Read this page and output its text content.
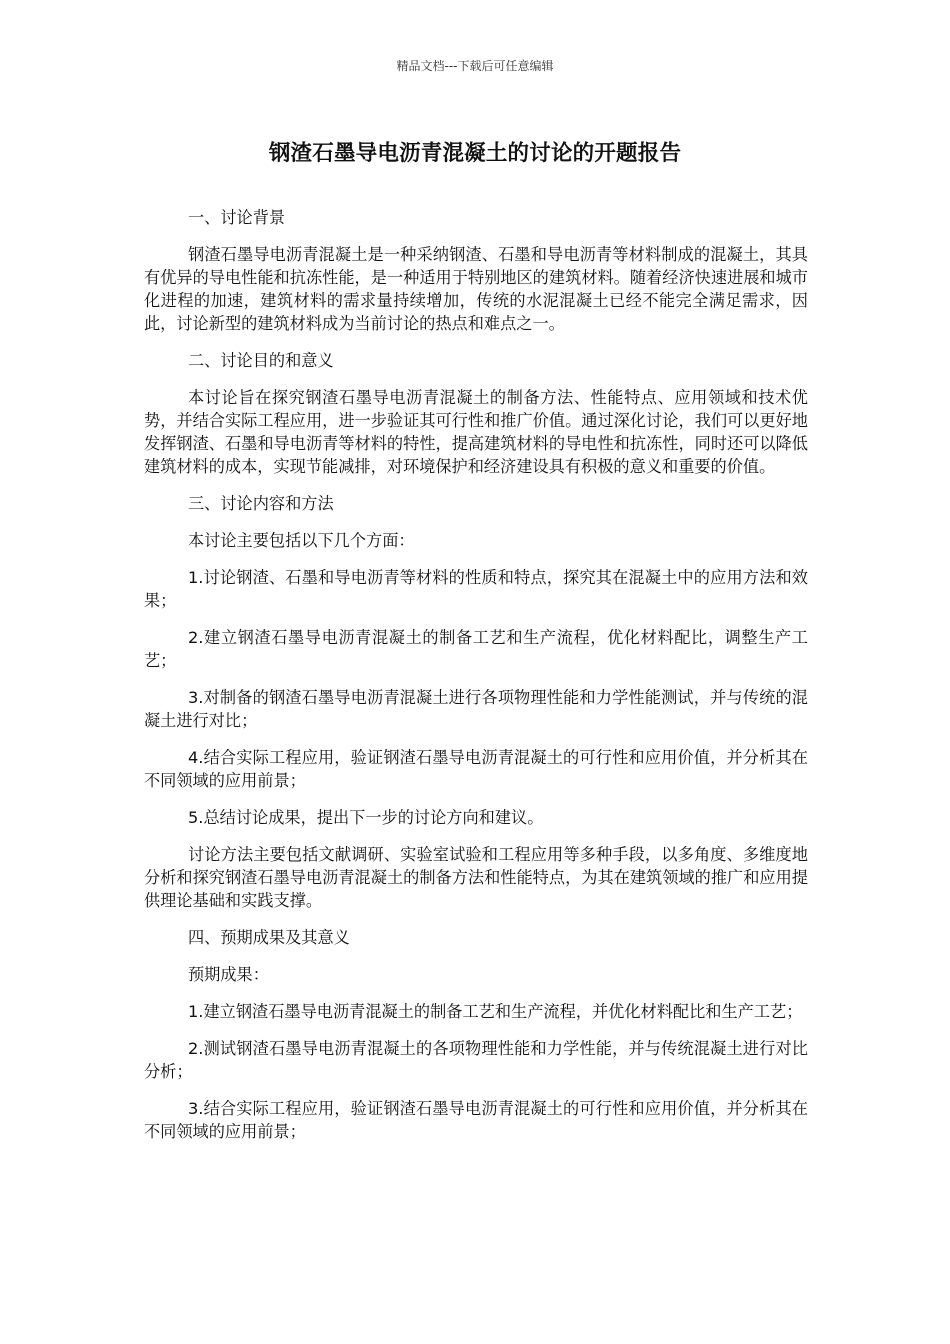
精品文档---下载后可任意编辑
钢渣石墨导电沥青混凝土的讨论的开题报告

一、讨论背景

钢渣石墨导电沥青混凝土是一种采纳钢渣、石墨和导电沥青等材料制成的混凝土，其具有优异的导电性能和抗冻性能，是一种适用于特别地区的建筑材料。随着经济快速进展和城市化进程的加速，建筑材料的需求量持续增加，传统的水泥混凝土已经不能完全满足需求，因此，讨论新型的建筑材料成为当前讨论的热点和难点之一。

二、讨论目的和意义

本讨论旨在探究钢渣石墨导电沥青混凝土的制备方法、性能特点、应用领域和技术优势，并结合实际工程应用，进一步验证其可行性和推广价值。通过深化讨论，我们可以更好地发挥钢渣、石墨和导电沥青等材料的特性，提高建筑材料的导电性和抗冻性，同时还可以降低建筑材料的成本，实现节能减排，对环境保护和经济建设具有积极的意义和重要的价值。

三、讨论内容和方法

本讨论主要包括以下几个方面：

1.讨论钢渣、石墨和导电沥青等材料的性质和特点，探究其在混凝土中的应用方法和效果；

2.建立钢渣石墨导电沥青混凝土的制备工艺和生产流程，优化材料配比，调整生产工艺；

3.对制备的钢渣石墨导电沥青混凝土进行各项物理性能和力学性能测试，并与传统的混凝土进行对比；

4.结合实际工程应用，验证钢渣石墨导电沥青混凝土的可行性和应用价值，并分析其在不同领域的应用前景；

5.总结讨论成果，提出下一步的讨论方向和建议。

讨论方法主要包括文献调研、实验室试验和工程应用等多种手段，以多角度、多维度地分析和探究钢渣石墨导电沥青混凝土的制备方法和性能特点，为其在建筑领域的推广和应用提供理论基础和实践支撑。

四、预期成果及其意义

预期成果：

1.建立钢渣石墨导电沥青混凝土的制备工艺和生产流程，并优化材料配比和生产工艺；

2.测试钢渣石墨导电沥青混凝土的各项物理性能和力学性能，并与传统混凝土进行对比分析；

3.结合实际工程应用，验证钢渣石墨导电沥青混凝土的可行性和应用价值，并分析其在不同领域的应用前景；
